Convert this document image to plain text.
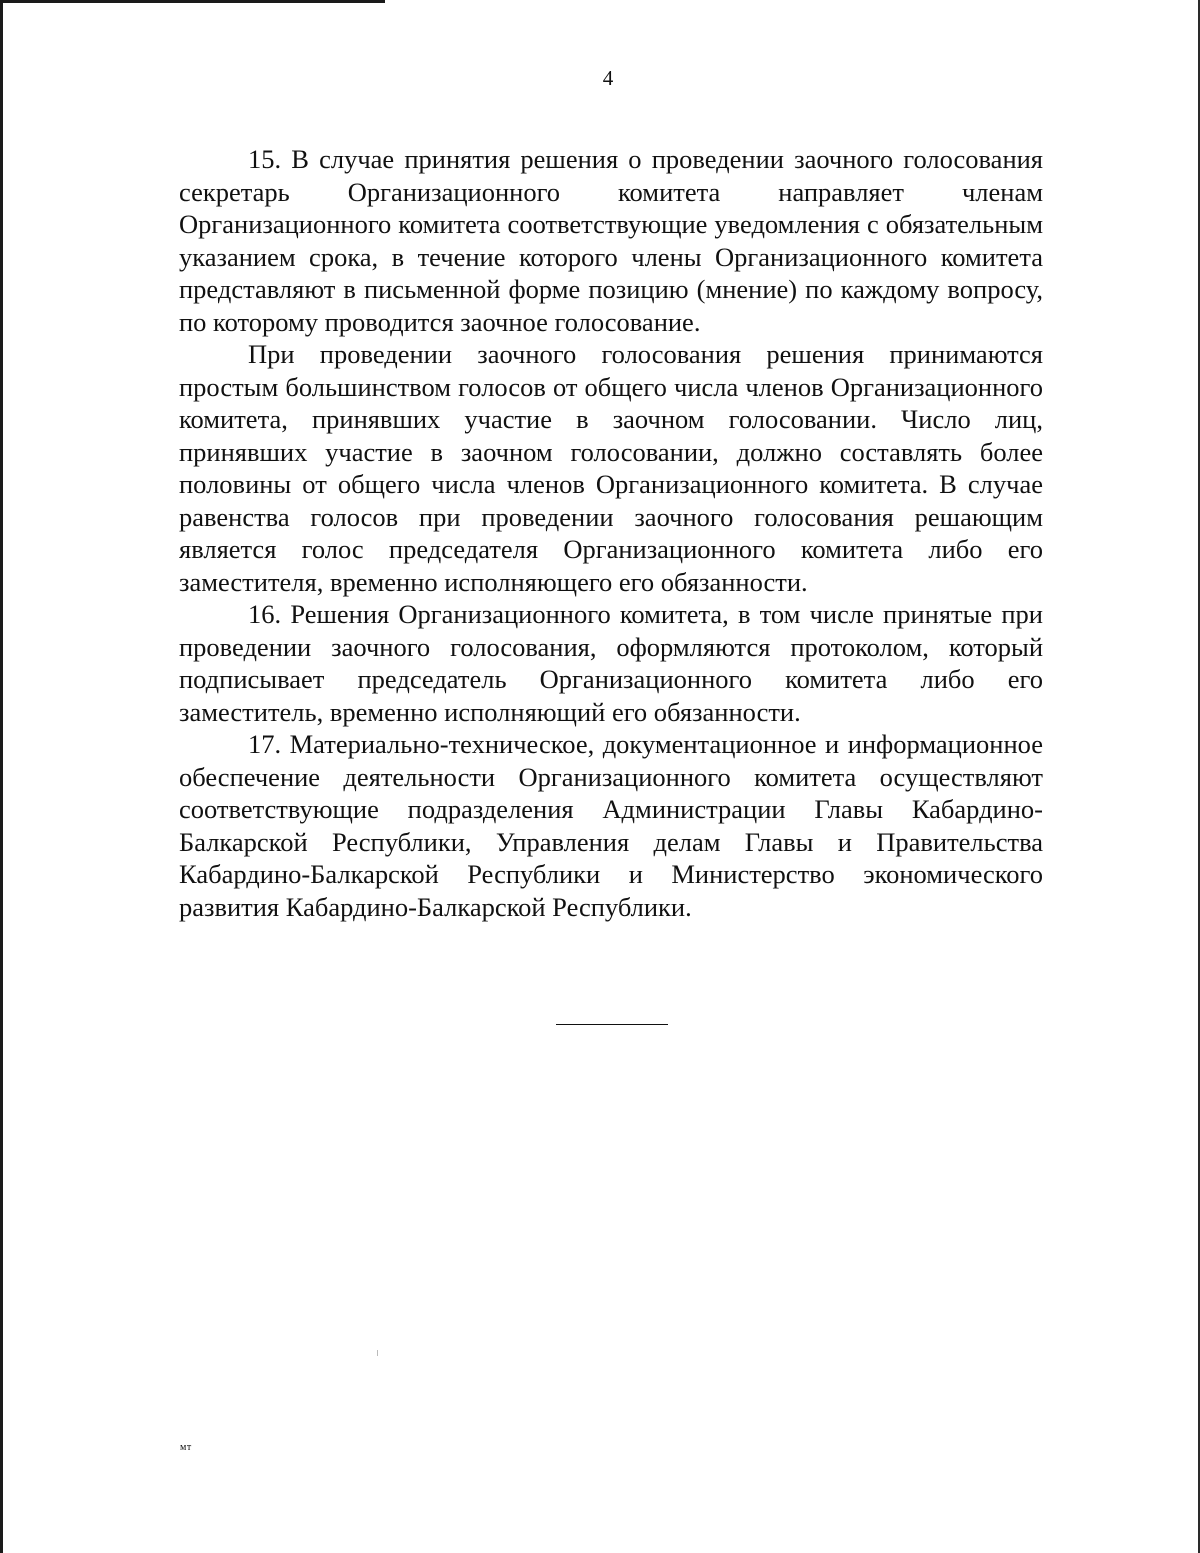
4

15. В случае принятия решения о проведении заочного голосования секретарь Организационного комитета направляет членам Организационного комитета соответствующие уведомления с обязательным указанием срока, в течение которого члены Организационного комитета представляют в письменной форме позицию (мнение) по каждому вопросу, по которому проводится заочное голосование.

При проведении заочного голосования решения принимаются простым большинством голосов от общего числа членов Организационного комитета, принявших участие в заочном голосовании. Число лиц, принявших участие в заочном голосовании, должно составлять более половины от общего числа членов Организационного комитета. В случае равенства голосов при проведении заочного голосования решающим является голос председателя Организационного комитета либо его заместителя, временно исполняющего его обязанности.

16. Решения Организационного комитета, в том числе принятые при проведении заочного голосования, оформляются протоколом, который подписывает председатель Организационного комитета либо его заместитель, временно исполняющий его обязанности.

17. Материально-техническое, документационное и информационное обеспечение деятельности Организационного комитета осуществляют соответствующие подразделения Администрации Главы Кабардино-Балкарской Республики, Управления делам Главы и Правительства Кабардино-Балкарской Республики и Министерство экономического развития Кабардино-Балкарской Республики.

мт
